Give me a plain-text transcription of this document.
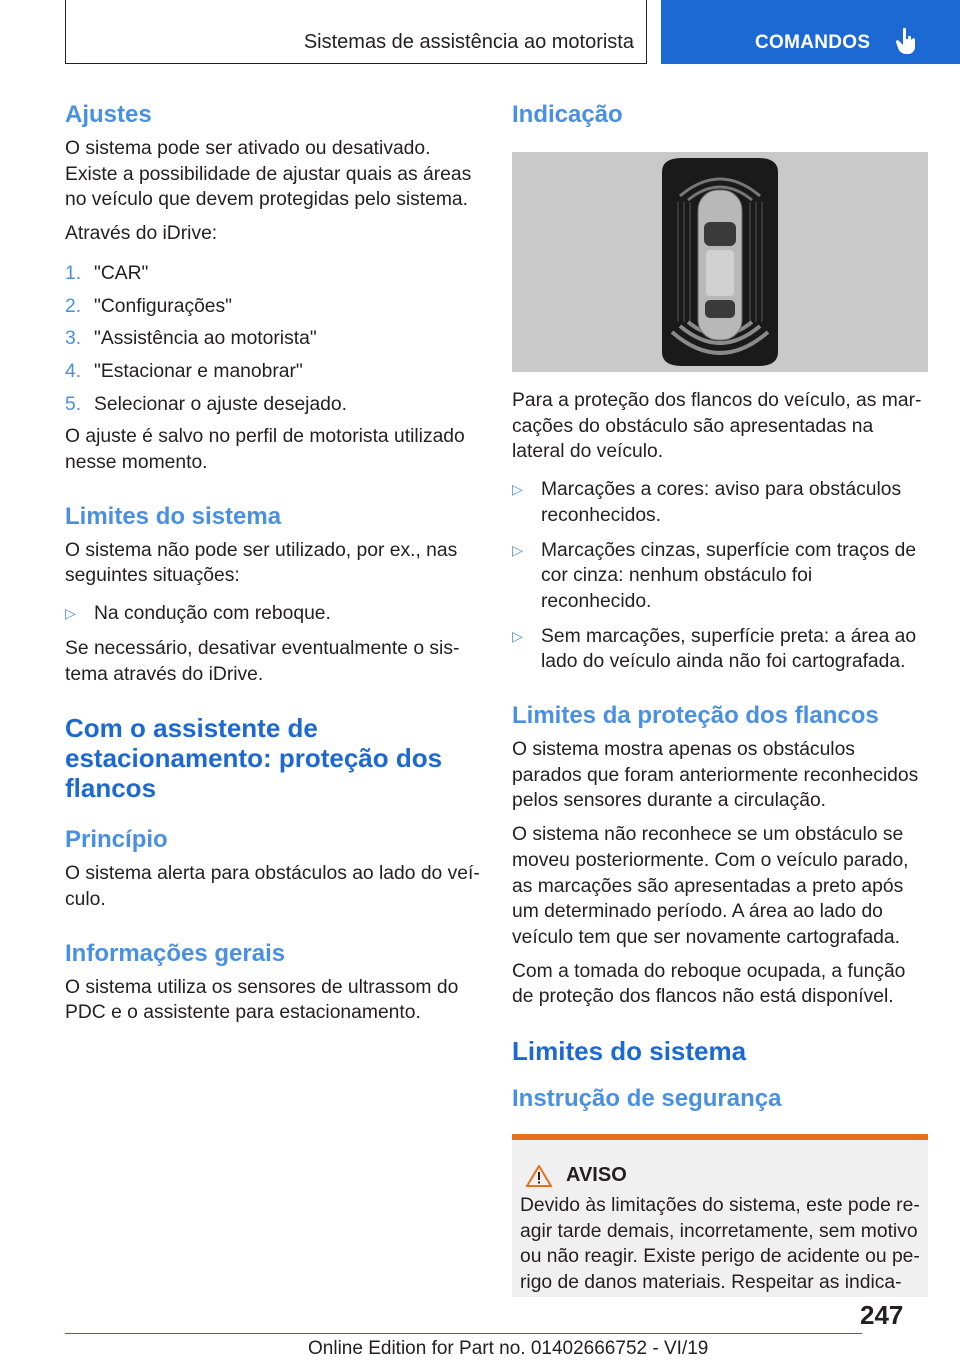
Sistemas de assistência ao motorista	COMANDOS
Ajustes

O sistema pode ser ativado ou desativado. Existe a possibilidade de ajustar quais as áreas no veículo que devem protegidas pelo sistema.

Através do iDrive:

1. "CAR"
2. "Configurações"
3. "Assistência ao motorista"
4. "Estacionar e manobrar"
5. Selecionar o ajuste desejado.

O ajuste é salvo no perfil de motorista utilizado nesse momento.

Limites do sistema

O sistema não pode ser utilizado, por ex., nas seguintes situações:

▷ Na condução com reboque.

Se necessário, desativar eventualmente o sistema através do iDrive.

Com o assistente de estacionamento: proteção dos flancos
Princípio

O sistema alerta para obstáculos ao lado do veículo.

Informações gerais

O sistema utiliza os sensores de ultrassom do PDC e o assistente para estacionamento.

Indicação

Para a proteção dos flancos do veículo, as marcações do obstáculo são apresentadas na lateral do veículo.

▷ Marcações a cores: aviso para obstáculos reconhecidos.
▷ Marcações cinzas, superfície com traços de cor cinza: nenhum obstáculo foi reconhecido.
▷ Sem marcações, superfície preta: a área ao lado do veículo ainda não foi cartografada.
Limites da proteção dos flancos

O sistema mostra apenas os obstáculos parados que foram anteriormente reconhecidos pelos sensores durante a circulação.

O sistema não reconhece se um obstáculo se moveu posteriormente. Com o veículo parado, as marcações são apresentadas a preto após um determinado período. A área ao lado do veículo tem que ser novamente cartografada.

Com a tomada do reboque ocupada, a função de proteção dos flancos não está disponível.

Limites do sistema
Instrução de segurança
AVISO

Devido às limitações do sistema, este pode reagir tarde demais, incorretamente, sem motivo ou não reagir. Existe perigo de acidente ou perigo de danos materiais. Respeitar as indica-

247
Online Edition for Part no. 01402666752 - VI/19
